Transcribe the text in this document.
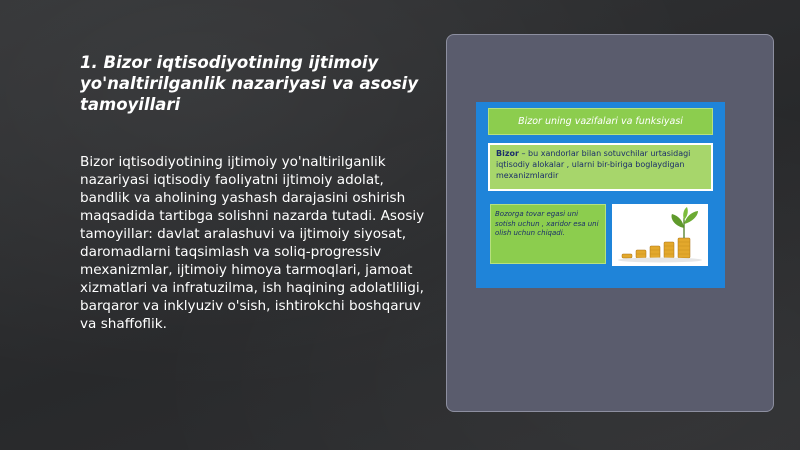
1. Bizor iqtisodiyotining ijtimoiy yo'naltirilganlik nazariyasi va asosiy tamoyillari

Bizor iqtisodiyotining ijtimoiy yo'naltirilganlik nazariyasi iqtisodiy faoliyatni ijtimoiy adolat, bandlik va aholining yashash darajasini oshirish maqsadida tartibga solishni nazarda tutadi. Asosiy tamoyillar: davlat aralashuvi va ijtimoiy siyosat, daromadlarni taqsimlash va soliq-progressiv mexanizmlar, ijtimoiy himoya tarmoqlari, jamoat xizmatlari va infratuzilma, ish haqining adolatliligi, barqaror va inklyuziv o'sish, ishtirokchi boshqaruv va shaffoflik.

Bizor uning vazifalari va funksiyasi
Bizor – bu xandorlar bilan sotuvchilar urtasidagi iqtisodiy alokalar , ularni bir-biriga boglaydigan mexanizmlardir
Bozorga tovar egasi uni sotish uchun , xaridor esa uni olish uchun chiqadi.
